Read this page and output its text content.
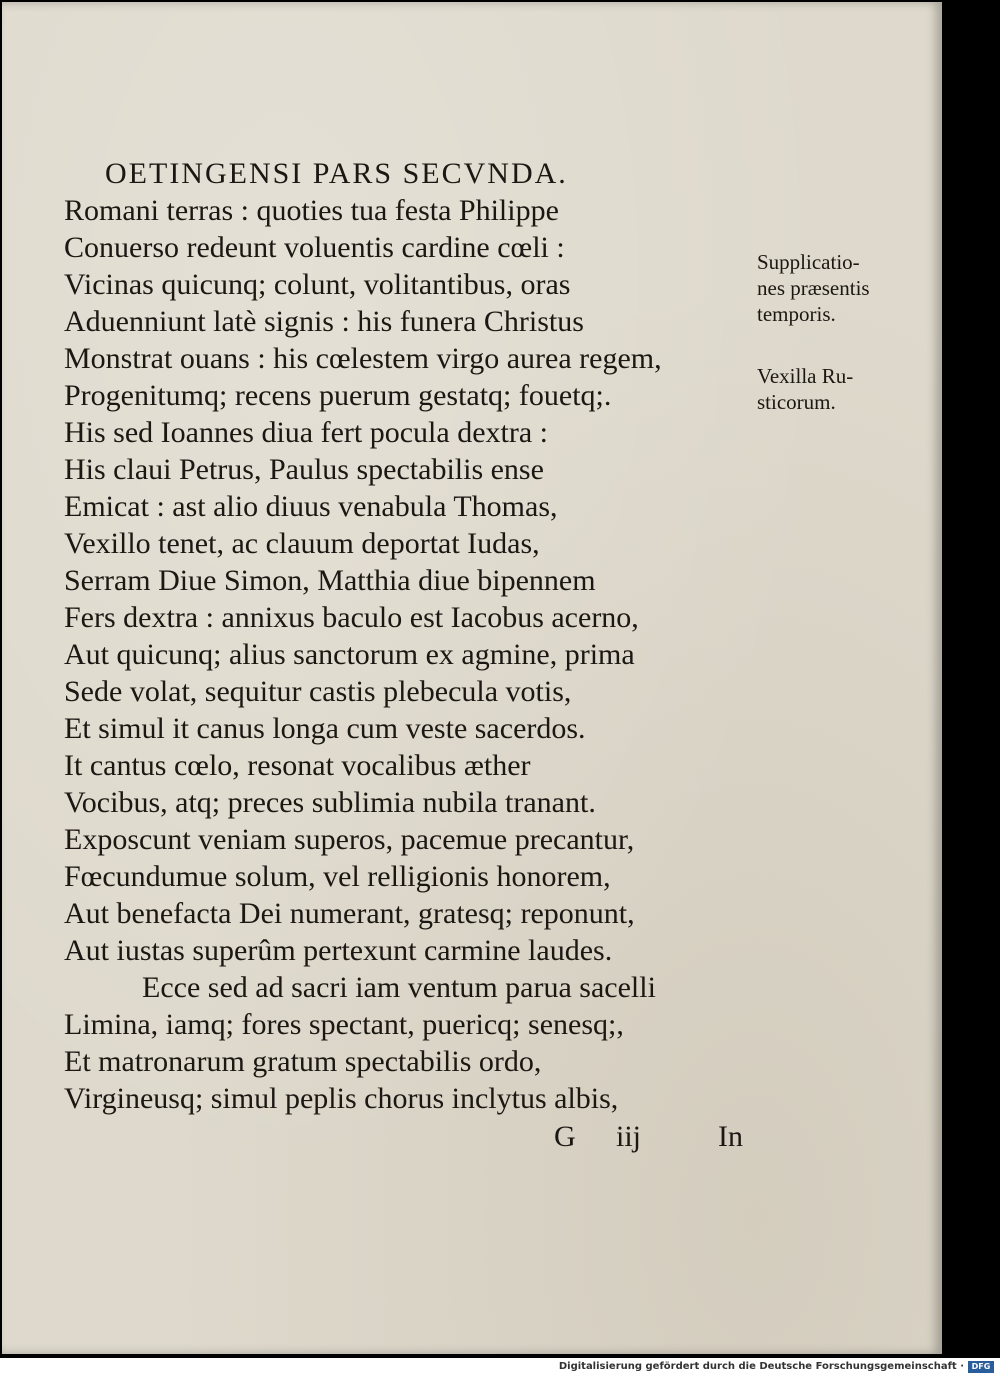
OETINGENSI PARS SECVNDA.
Romani terras : quoties tua festa Philippe
Conuerso redeunt voluentis cardine cœli :
Vicinas quicunq; colunt, volitantibus, oras
Aduenniunt latè signis : his funera Christus
Monstrat ouans : his cœlestem virgo aurea regem,
Progenitumq; recens puerum gestatq; fouetq;.
His sed Ioannes diua fert pocula dextra :
His claui Petrus, Paulus spectabilis ense
Emicat : ast alio diuus venabula Thomas,
Vexillo tenet, ac clauum deportat Iudas,
Serram Diue Simon, Matthia diue bipennem
Fers dextra : annixus baculo est Iacobus acerno,
Aut quicunq; alius sanctorum ex agmine, prima
Sede volat, sequitur castis plebecula votis,
Et simul it canus longa cum veste sacerdos.
It cantus cœlo, resonat vocalibus æther
Vocibus, atq; preces sublimia nubila tranant.
Exposcunt veniam superos, pacemue precantur,
Fœcundumue solum, vel relligionis honorem,
Aut benefacta Dei numerant, gratesq; reponunt,
Aut iustas superûm pertexunt carmine laudes.
Ecce sed ad sacri iam ventum parua sacelli
Limina, iamq; fores spectant, puericq; senesq;,
Et matronarum gratum spectabilis ordo,
Virgineusq; simul peplis chorus inclytus albis,
Supplicatio-
nes præsentis
temporis.
Vexilla Ru-
sticorum.
G iij	In
Digitalisierung gefördert durch die Deutsche Forschungsgemeinschaft · DFG
